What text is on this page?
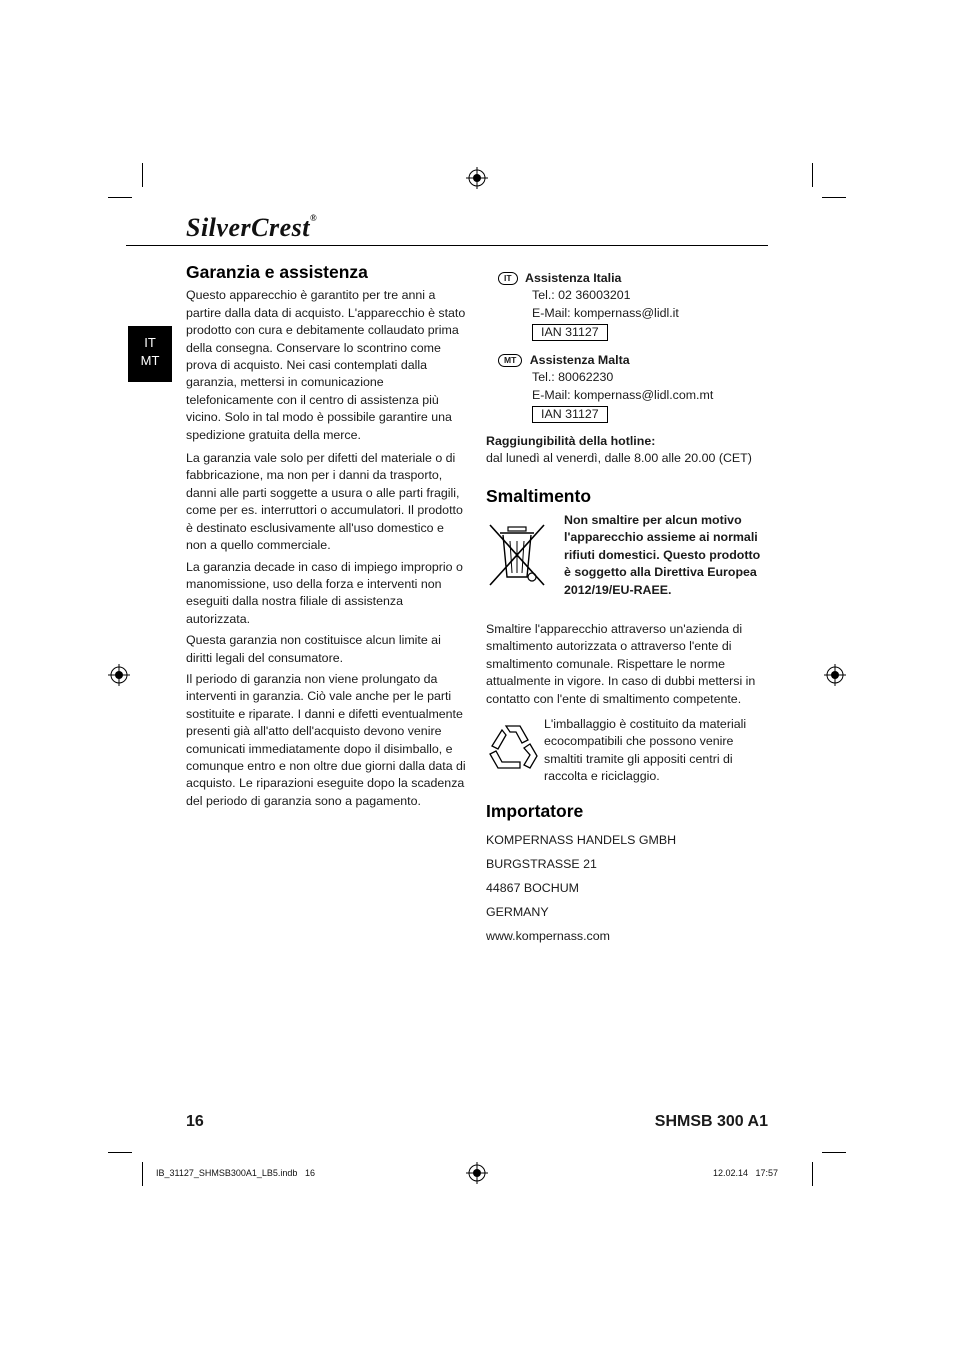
SilverCrest®
IT
MT
Garanzia e assistenza

Questo apparecchio è garantito per tre anni a partire dalla data di acquisto. L'apparecchio è stato prodotto con cura e debitamente collaudato prima della consegna. Conservare lo scontrino come prova di acquisto. Nei casi contemplati dalla garanzia, mettersi in comunicazione telefonicamente con il centro di assistenza più vicino. Solo in tal modo è possibile garantire una spedizione gratuita della merce.

La garanzia vale solo per difetti del materiale o di fabbricazione, ma non per i danni da trasporto, danni alle parti soggette a usura o alle parti fragili, come per es. interruttori o accumulatori. Il prodotto è destinato esclusivamente all'uso domestico e non a quello commerciale.

La garanzia decade in caso di impiego improprio o manomissione, uso della forza e interventi non eseguiti dalla nostra filiale di assistenza autorizzata.

Questa garanzia non costituisce alcun limite ai diritti legali del consumatore.

Il periodo di garanzia non viene prolungato da interventi in garanzia. Ciò vale anche per le parti sostituite e riparate. I danni e difetti eventualmente presenti già all'atto dell'acquisto devono venire comunicati immediatamente dopo il disimballo, e comunque entro e non oltre due giorni dalla data di acquisto. Le riparazioni eseguite dopo la scadenza del periodo di garanzia sono a pagamento.

IT Assistenza Italia
Tel.: 02 36003201
E-Mail: kompernass@lidl.it
IAN 31127
MT Assistenza Malta
Tel.: 80062230
E-Mail: kompernass@lidl.com.mt
IAN 31127
Raggiungibilità della hotline:
dal lunedì al venerdì, dalle 8.00 alle 20.00 (CET)
Smaltimento
Non smaltire per alcun motivo l'apparecchio assieme ai normali rifiuti domestici. Questo prodotto è soggetto alla Direttiva Europea 2012/19/EU-RAEE.
Smaltire l'apparecchio attraverso un'azienda di smaltimento autorizzata o attraverso l'ente di smaltimento comunale. Rispettare le norme attualmente in vigore. In caso di dubbi mettersi in contatto con l'ente di smaltimento competente.
L'imballaggio è costituito da materiali ecocompatibili che possono venire smaltiti tramite gli appositi centri di raccolta e riciclaggio.
Importatore
KOMPERNASS HANDELS GMBH
BURGSTRASSE 21
44867 BOCHUM
GERMANY
www.kompernass.com
16	SHMSB 300 A1
IB_31127_SHMSB300A1_LB5.indb   16	12.02.14   17:57
